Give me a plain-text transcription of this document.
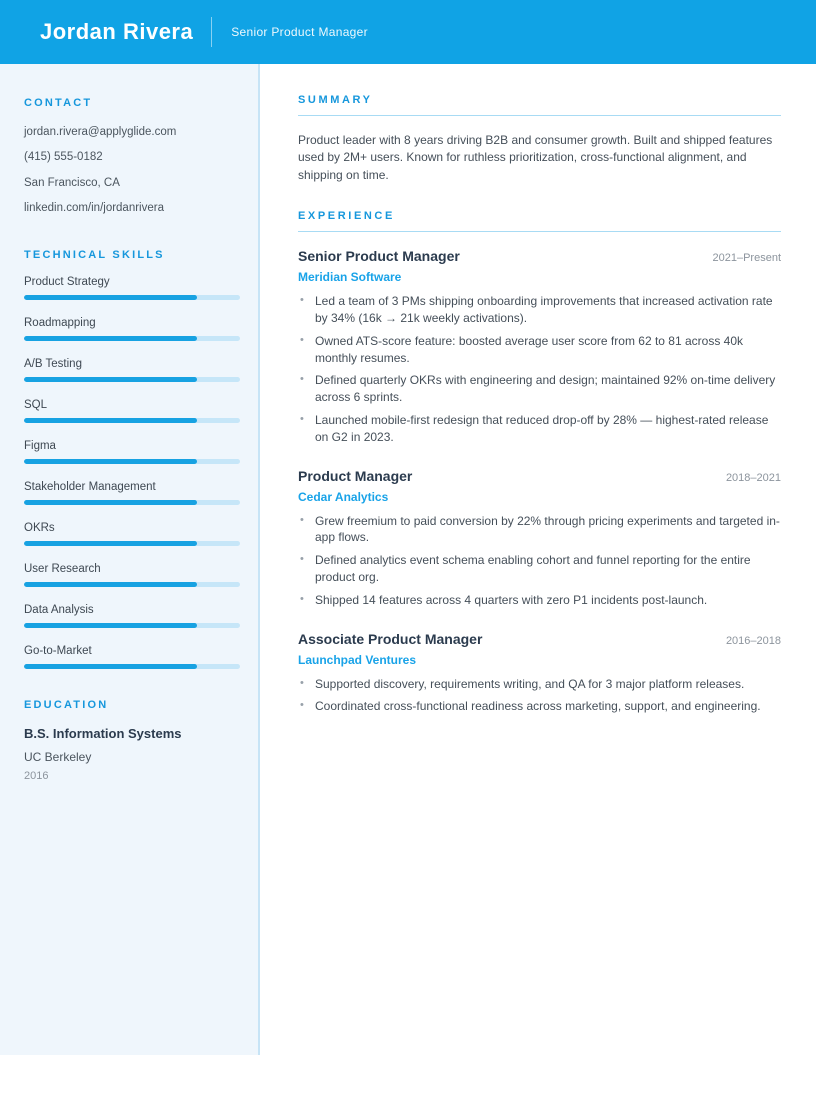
Jordan Rivera	Senior Product Manager
CONTACT
jordan.rivera@applyglide.com
(415) 555-0182
San Francisco, CA
linkedin.com/in/jordanrivera
TECHNICAL SKILLS
Product Strategy
Roadmapping
A/B Testing
SQL
Figma
Stakeholder Management
OKRs
User Research
Data Analysis
Go-to-Market
EDUCATION
B.S. Information Systems
UC Berkeley
2016
SUMMARY

Product leader with 8 years driving B2B and consumer growth. Built and shipped features used by 2M+ users. Known for ruthless prioritization, cross-functional alignment, and shipping on time.

EXPERIENCE
Senior Product Manager	2021–Present
Meridian Software
• Led a team of 3 PMs shipping onboarding improvements that increased activation rate by 34% (16k → 21k weekly activations).
• Owned ATS-score feature: boosted average user score from 62 to 81 across 40k monthly resumes.
• Defined quarterly OKRs with engineering and design; maintained 92% on-time delivery across 6 sprints.
• Launched mobile-first redesign that reduced drop-off by 28% — highest-rated release on G2 in 2023.
Product Manager	2018–2021
Cedar Analytics
• Grew freemium to paid conversion by 22% through pricing experiments and targeted in-app flows.
• Defined analytics event schema enabling cohort and funnel reporting for the entire product org.
• Shipped 14 features across 4 quarters with zero P1 incidents post-launch.
Associate Product Manager	2016–2018
Launchpad Ventures
• Supported discovery, requirements writing, and QA for 3 major platform releases.
• Coordinated cross-functional readiness across marketing, support, and engineering.
